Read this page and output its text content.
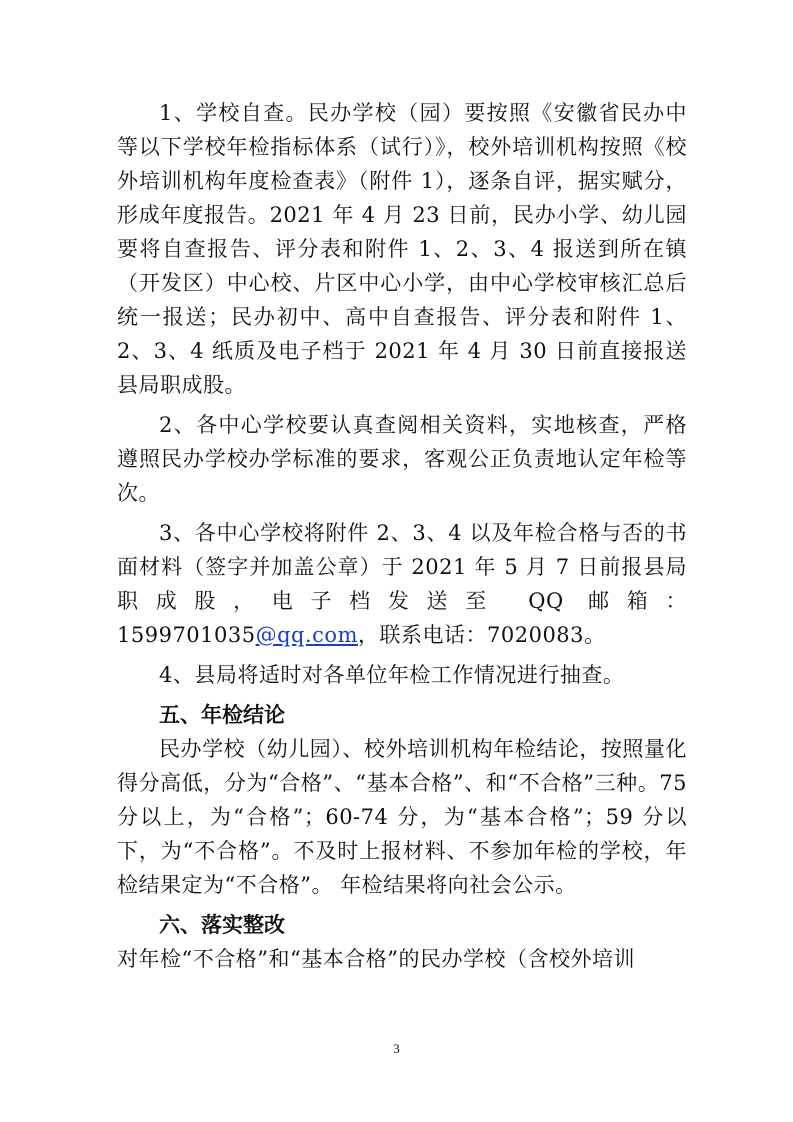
1、学校自查。民办学校（园）要按照《安徽省民办中等以下学校年检指标体系（试行）》，校外培训机构按照《校外培训机构年度检查表》（附件 1），逐条自评，据实赋分，形成年度报告。2021 年 4 月 23 日前，民办小学、幼儿园要将自查报告、评分表和附件 1、2、3、4 报送到所在镇（开发区）中心校、片区中心小学，由中心学校审核汇总后统一报送；民办初中、高中自查报告、评分表和附件 1、2、3、4 纸质及电子档于 2021 年 4 月 30 日前直接报送县局职成股。

2、各中心学校要认真查阅相关资料，实地核查，严格遵照民办学校办学标准的要求，客观公正负责地认定年检等次。

3、各中心学校将附件 2、3、4 以及年检合格与否的书面材料（签字并加盖公章）于 2021 年 5 月 7 日前报县局职成股，电子档发送至 QQ 邮箱：1599701035@qq.com，联系电话：7020083。

4、县局将适时对各单位年检工作情况进行抽查。

五、年检结论

民办学校（幼儿园）、校外培训机构年检结论，按照量化得分高低，分为“合格”、“基本合格”、和“不合格”三种。75 分以上，为“合格”；60-74 分，为“基本合格”；59 分以下，为“不合格”。不及时上报材料、不参加年检的学校，年检结果定为“不合格”。 年检结果将向社会公示。

六、落实整改

对年检“不合格”和“基本合格”的民办学校（含校外培训

3
